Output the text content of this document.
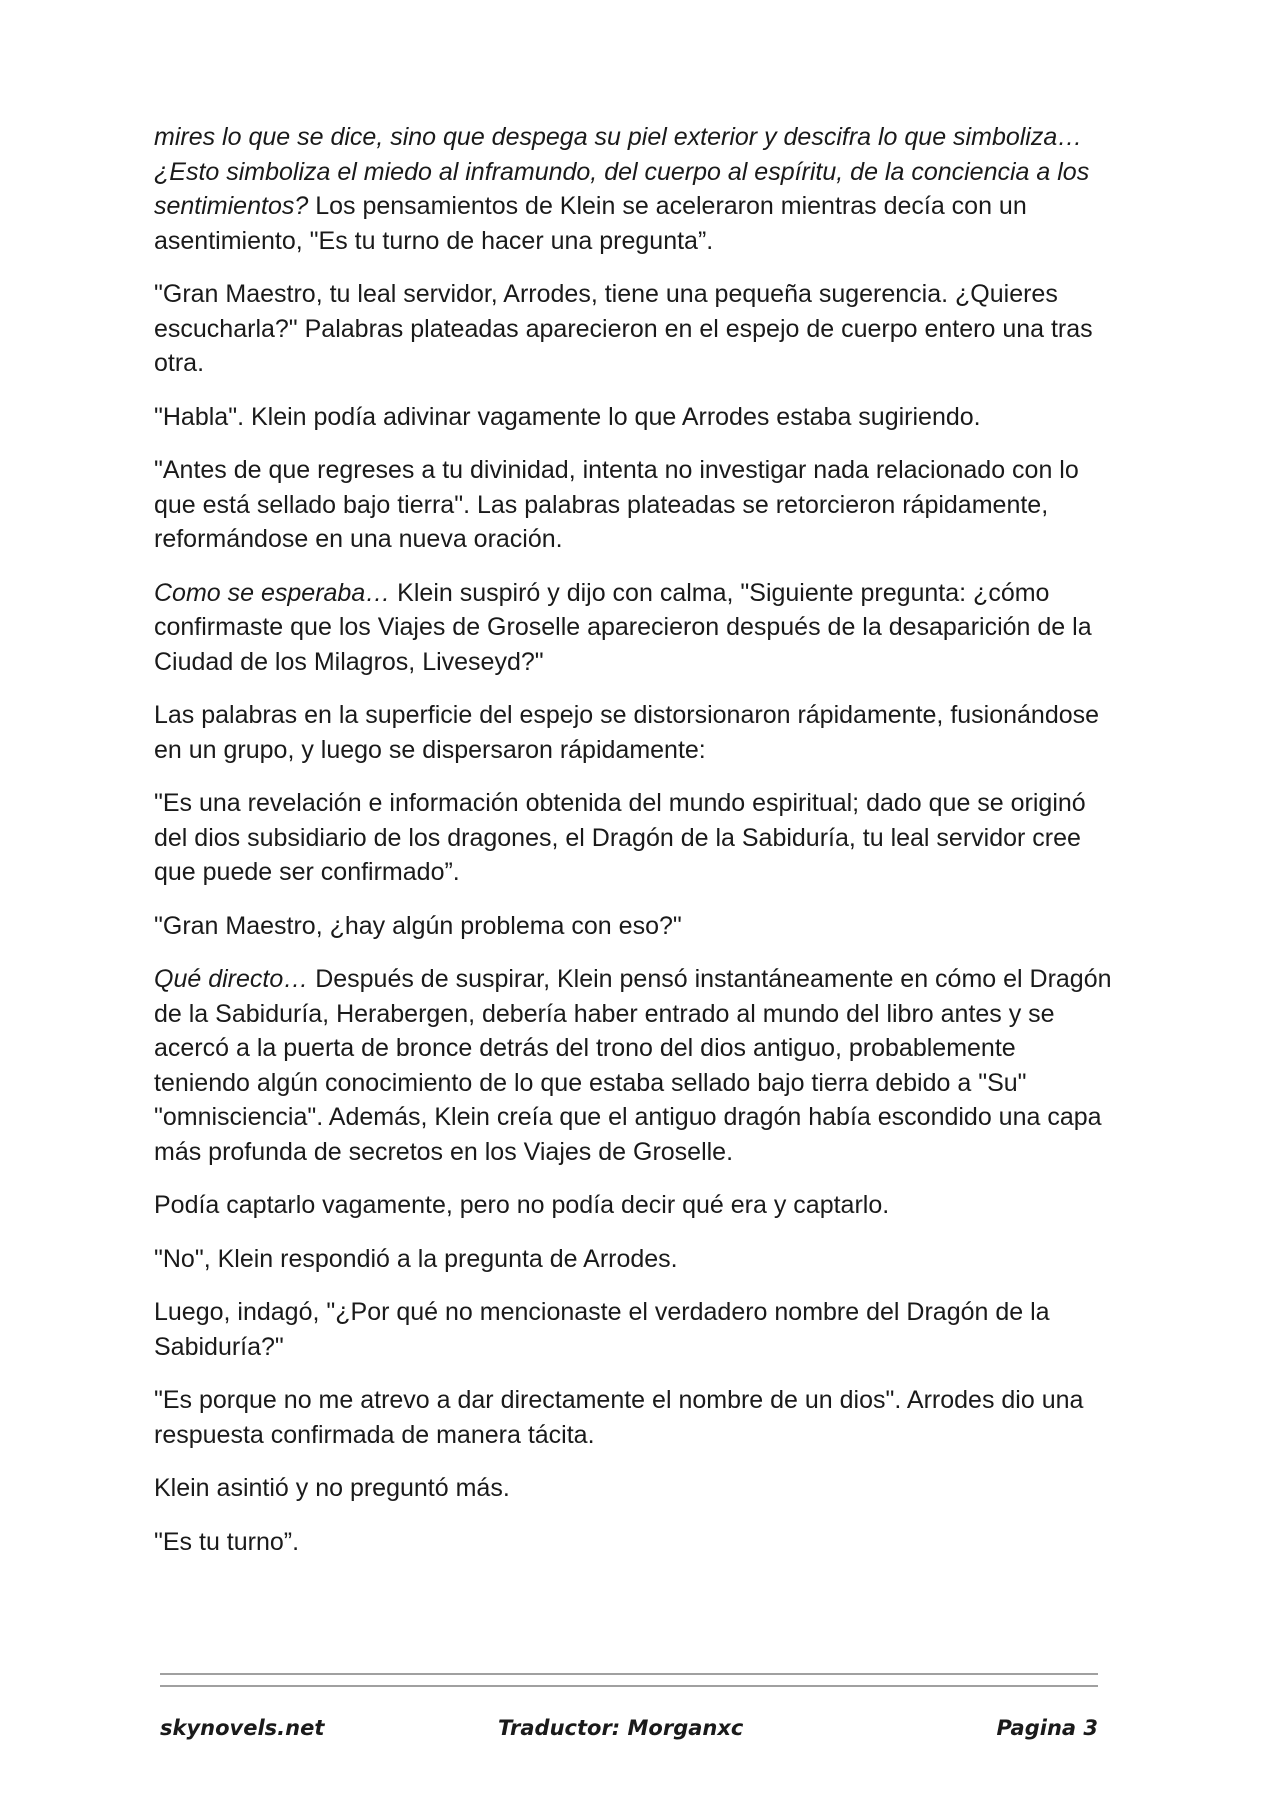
mires lo que se dice, sino que despega su piel exterior y descifra lo que simboliza… ¿Esto simboliza el miedo al inframundo, del cuerpo al espíritu, de la conciencia a los sentimientos? Los pensamientos de Klein se aceleraron mientras decía con un asentimiento, "Es tu turno de hacer una pregunta”.

"Gran Maestro, tu leal servidor, Arrodes, tiene una pequeña sugerencia. ¿Quieres escucharla?" Palabras plateadas aparecieron en el espejo de cuerpo entero una tras otra.

"Habla". Klein podía adivinar vagamente lo que Arrodes estaba sugiriendo.

"Antes de que regreses a tu divinidad, intenta no investigar nada relacionado con lo que está sellado bajo tierra". Las palabras plateadas se retorcieron rápidamente, reformándose en una nueva oración.

Como se esperaba… Klein suspiró y dijo con calma, "Siguiente pregunta: ¿cómo confirmaste que los Viajes de Groselle aparecieron después de la desaparición de la Ciudad de los Milagros, Liveseyd?"

Las palabras en la superficie del espejo se distorsionaron rápidamente, fusionándose en un grupo, y luego se dispersaron rápidamente:

"Es una revelación e información obtenida del mundo espiritual; dado que se originó del dios subsidiario de los dragones, el Dragón de la Sabiduría, tu leal servidor cree que puede ser confirmado”.

"Gran Maestro, ¿hay algún problema con eso?"

Qué directo… Después de suspirar, Klein pensó instantáneamente en cómo el Dragón de la Sabiduría, Herabergen, debería haber entrado al mundo del libro antes y se acercó a la puerta de bronce detrás del trono del dios antiguo, probablemente teniendo algún conocimiento de lo que estaba sellado bajo tierra debido a "Su" "omnisciencia". Además, Klein creía que el antiguo dragón había escondido una capa más profunda de secretos en los Viajes de Groselle.

Podía captarlo vagamente, pero no podía decir qué era y captarlo.

"No", Klein respondió a la pregunta de Arrodes.

Luego, indagó, "¿Por qué no mencionaste el verdadero nombre del Dragón de la Sabiduría?"

"Es porque no me atrevo a dar directamente el nombre de un dios". Arrodes dio una respuesta confirmada de manera tácita.

Klein asintió y no preguntó más.

"Es tu turno”.

skynovels.net	Traductor: Morganxc	Pagina 3
